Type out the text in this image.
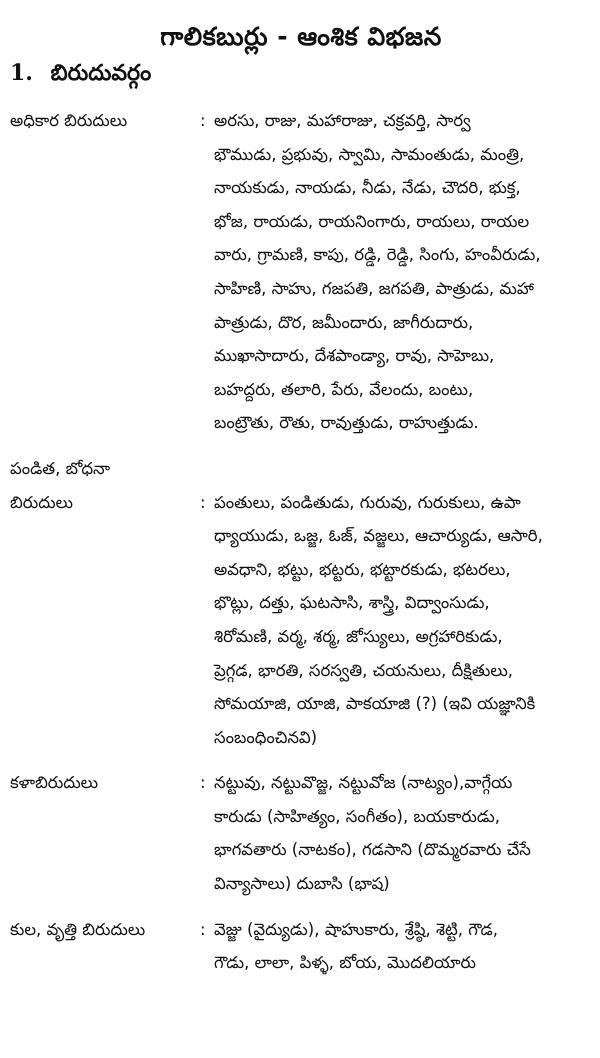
గాలికబుర్లు - ఆంశిక విభజన
1. బిరుదువర్గం
అధికార బిరుదులు	: అరసు, రాజు, మహారాజు, చక్రవర్తి, సార్వ
భౌముడు, ప్రభువు, స్వామి, సామంతుడు, మంత్రి,
నాయకుడు, నాయడు, నీడు, నేడు, చౌదరి, భుక్త,
భోజ, రాయడు, రాయనింగారు, రాయలు, రాయల
వారు, గ్రామణి, కాపు, రడ్డి, రెడ్డి, సింగు, హంవీరుడు,
సాహిణి, సాహు, గజపతి, జగపతి, పాత్రుడు, మహా
పాత్రుడు, దొర, జమీందారు, జాగీరుదారు,
ముఖాసాదారు, దేశపాండ్యా, రావు, సాహెబు,
బహద్దరు, తలారి, పేరు, వేలందు, బంటు,
బంట్రౌతు, రౌతు, రావుత్తుడు, రాహుత్తుడు.
పండిత, బోధనా
బిరుదులు
	:
పంతులు, పండితుడు, గురువు, గురుకులు, ఉపా
ధ్యాయుడు, ఒజ్జ, ఓజ్, వజ్జలు, ఆచార్యుడు, ఆసారి,
అవధాని, భట్టు, భట్టరు, భట్టారకుడు, భటరలు,
భొట్లు, దత్తు, ఘటసాసి, శాస్త్రి, విద్వాంసుడు,
శిరోమణి, వర్మ, శర్మ, జోస్యులు, అగ్రహారికుడు,
ప్రెగ్గడ, భారతి, సరస్వతి, చయనులు, దీక్షితులు,
సోమయాజి, యాజి, పాకయాజి (?) (ఇవి యజ్ఞానికి
సంబంధించినవి)
కళాబిరుదులు	: నట్టువు, నట్టువొజ్జ, నట్టువోజ (నాట్యం),వాగ్గేయ
కారుడు (సాహిత్యం, సంగీతం), బయకారుడు,
భాగవతారు (నాటకం), గడసాని (దొమ్మరవారు చేసే
విన్యాసాలు) దుబాసి (భాష)
కుల, వృత్తి బిరుదులు	: వెజ్జు (వైద్యుడు), షాహుకారు, శ్రేష్ఠి, శెట్టి, గౌడ,
గౌడు, లాలా, పిళ్ళ, బోయ, మొదలియారు
